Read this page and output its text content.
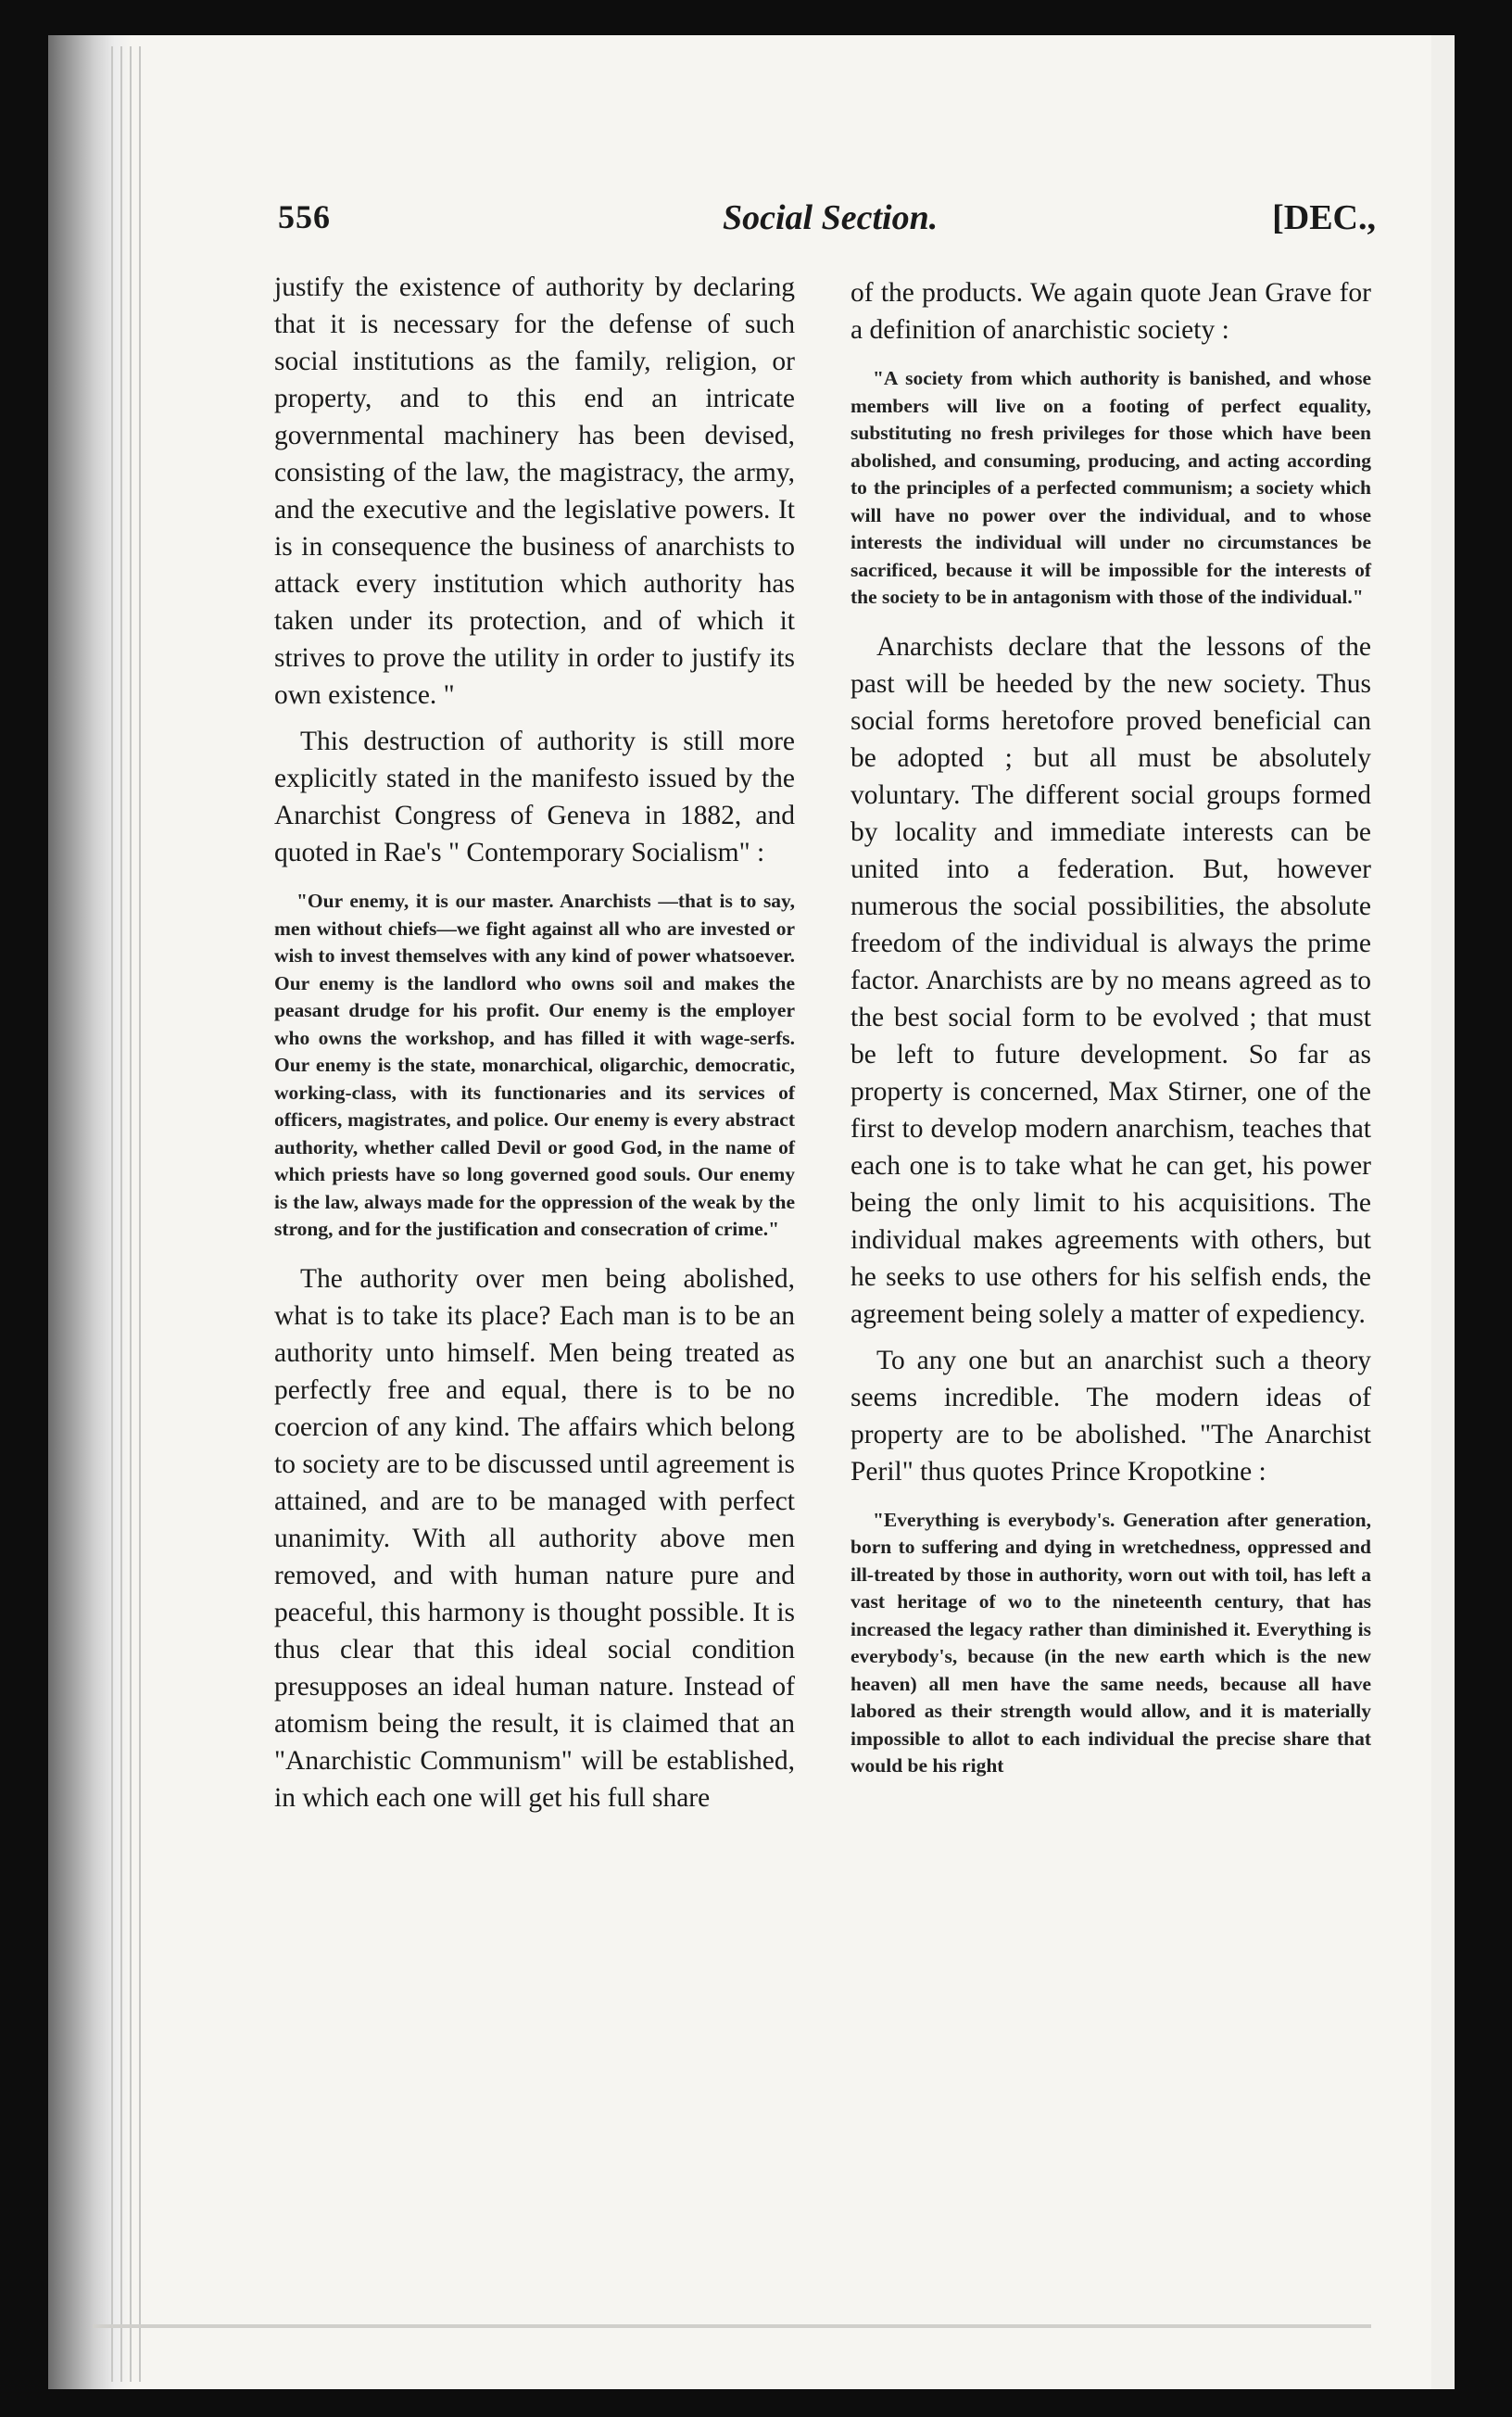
556	Social Section.	[DEC.,

justify the existence of authority by declaring that it is necessary for the defense of such social institutions as the family, religion, or property, and to this end an intricate governmental machinery has been devised, consisting of the law, the magistracy, the army, and the executive and the legislative powers. It is in consequence the business of anarchists to attack every institution which authority has taken under its protection, and of which it strives to prove the utility in order to justify its own existence. "

This destruction of authority is still more explicitly stated in the manifesto issued by the Anarchist Congress of Geneva in 1882, and quoted in Rae's " Contemporary Socialism" :

"Our enemy, it is our master. Anarchists —that is to say, men without chiefs—we fight against all who are invested or wish to invest themselves with any kind of power whatsoever. Our enemy is the landlord who owns soil and makes the peasant drudge for his profit. Our enemy is the employer who owns the workshop, and has filled it with wage-serfs. Our enemy is the state, monarchical, oligarchic, democratic, working-class, with its functionaries and its services of officers, magistrates, and police. Our enemy is every abstract authority, whether called Devil or good God, in the name of which priests have so long governed good souls. Our enemy is the law, always made for the oppression of the weak by the strong, and for the justification and consecration of crime."

The authority over men being abolished, what is to take its place? Each man is to be an authority unto himself. Men being treated as perfectly free and equal, there is to be no coercion of any kind. The affairs which belong to society are to be discussed until agreement is attained, and are to be managed with perfect unanimity. With all authority above men removed, and with human nature pure and peaceful, this harmony is thought possible. It is thus clear that this ideal social condition presupposes an ideal human nature. Instead of atomism being the result, it is claimed that an "Anarchistic Communism" will be established, in which each one will get his full share

of the products. We again quote Jean Grave for a definition of anarchistic society :

"A society from which authority is banished, and whose members will live on a footing of perfect equality, substituting no fresh privileges for those which have been abolished, and consuming, producing, and acting according to the principles of a perfected communism; a society which will have no power over the individual, and to whose interests the individual will under no circumstances be sacrificed, because it will be impossible for the interests of the society to be in antagonism with those of the individual."

Anarchists declare that the lessons of the past will be heeded by the new society. Thus social forms heretofore proved beneficial can be adopted ; but all must be absolutely voluntary. The different social groups formed by locality and immediate interests can be united into a federation. But, however numerous the social possibilities, the absolute freedom of the individual is always the prime factor. Anarchists are by no means agreed as to the best social form to be evolved ; that must be left to future development. So far as property is concerned, Max Stirner, one of the first to develop modern anarchism, teaches that each one is to take what he can get, his power being the only limit to his acquisitions. The individual makes agreements with others, but he seeks to use others for his selfish ends, the agreement being solely a matter of expediency.

To any one but an anarchist such a theory seems incredible. The modern ideas of property are to be abolished. "The Anarchist Peril" thus quotes Prince Kropotkine :

"Everything is everybody's. Generation after generation, born to suffering and dying in wretchedness, oppressed and ill-treated by those in authority, worn out with toil, has left a vast heritage of wo to the nineteenth century, that has increased the legacy rather than diminished it. Everything is everybody's, because (in the new earth which is the new heaven) all men have the same needs, because all have labored as their strength would allow, and it is materially impossible to allot to each individual the precise share that would be his right
